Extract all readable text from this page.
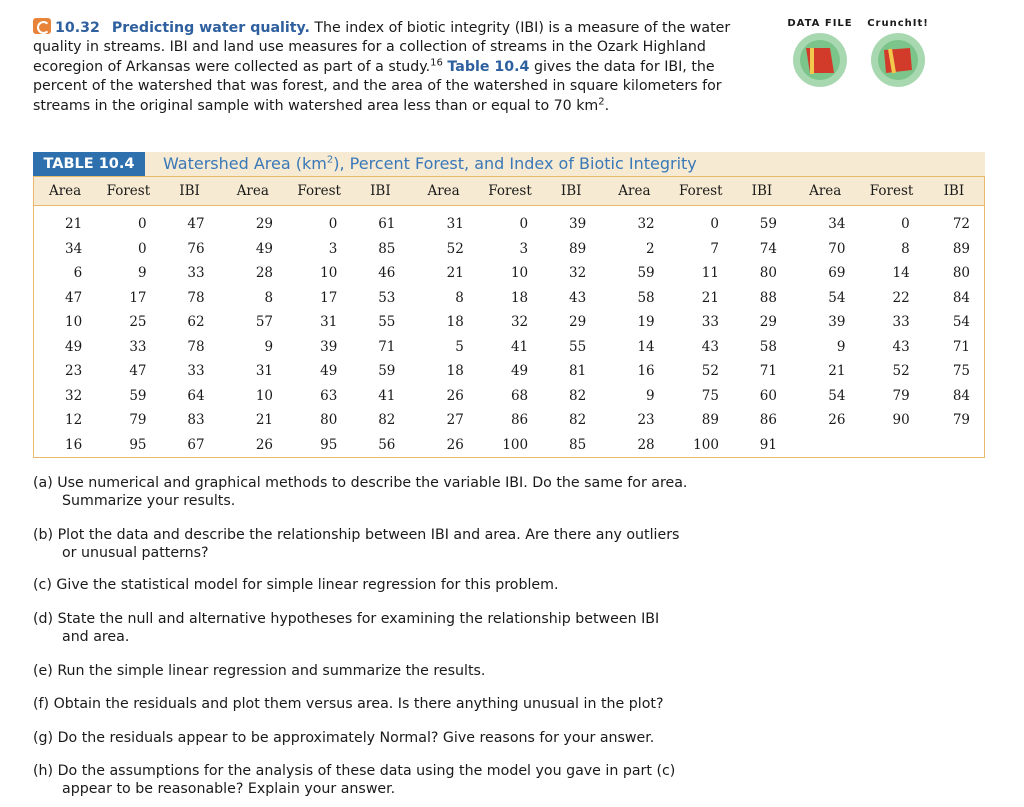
10.32 Predicting water quality. The index of biotic integrity (IBI) is a measure of the water quality in streams. IBI and land use measures for a collection of streams in the Ozark Highland ecoregion of Arkansas were collected as part of a study.$^{16}$ Table 10.4 gives the data for IBI, the percent of the watershed that was forest, and the area of the watershed in square kilometers for streams in the original sample with watershed area less than or equal to 70 $km^2$.
DATA FILE	CrunchIt!
TABLE 10.4	Watershed Area $(km^2)$, Percent Forest, and Index of Biotic Integrity
Area	Forest	IBI	Area	Forest	IBI	Area	Forest	IBI	Area	Forest	IBI	Area	Forest	IBI
21	0	47	29	0	61	31	0	39	32	0	59	34	0	72
34	0	76	49	3	85	52	3	89	2	7	74	70	8	89
6	9	33	28	10	46	21	10	32	59	11	80	69	14	80
47	17	78	8	17	53	8	18	43	58	21	88	54	22	84
10	25	62	57	31	55	18	32	29	19	33	29	39	33	54
49	33	78	9	39	71	5	41	55	14	43	58	9	43	71
23	47	33	31	49	59	18	49	81	16	52	71	21	52	75
32	59	64	10	63	41	26	68	82	9	75	60	54	79	84
12	79	83	21	80	82	27	86	82	23	89	86	26	90	79
16	95	67	26	95	56	26	100	85	28	100	91			
(a) Use numerical and graphical methods to describe the variable IBI. Do the same for area.
Summarize your results.
(b) Plot the data and describe the relationship between IBI and area. Are there any outliers
or unusual patterns?
(c) Give the statistical model for simple linear regression for this problem.
(d) State the null and alternative hypotheses for examining the relationship between IBI
and area.
(e) Run the simple linear regression and summarize the results.
(f) Obtain the residuals and plot them versus area. Is there anything unusual in the plot?
(g) Do the residuals appear to be approximately Normal? Give reasons for your answer.
(h) Do the assumptions for the analysis of these data using the model you gave in part (c)
appear to be reasonable? Explain your answer.
